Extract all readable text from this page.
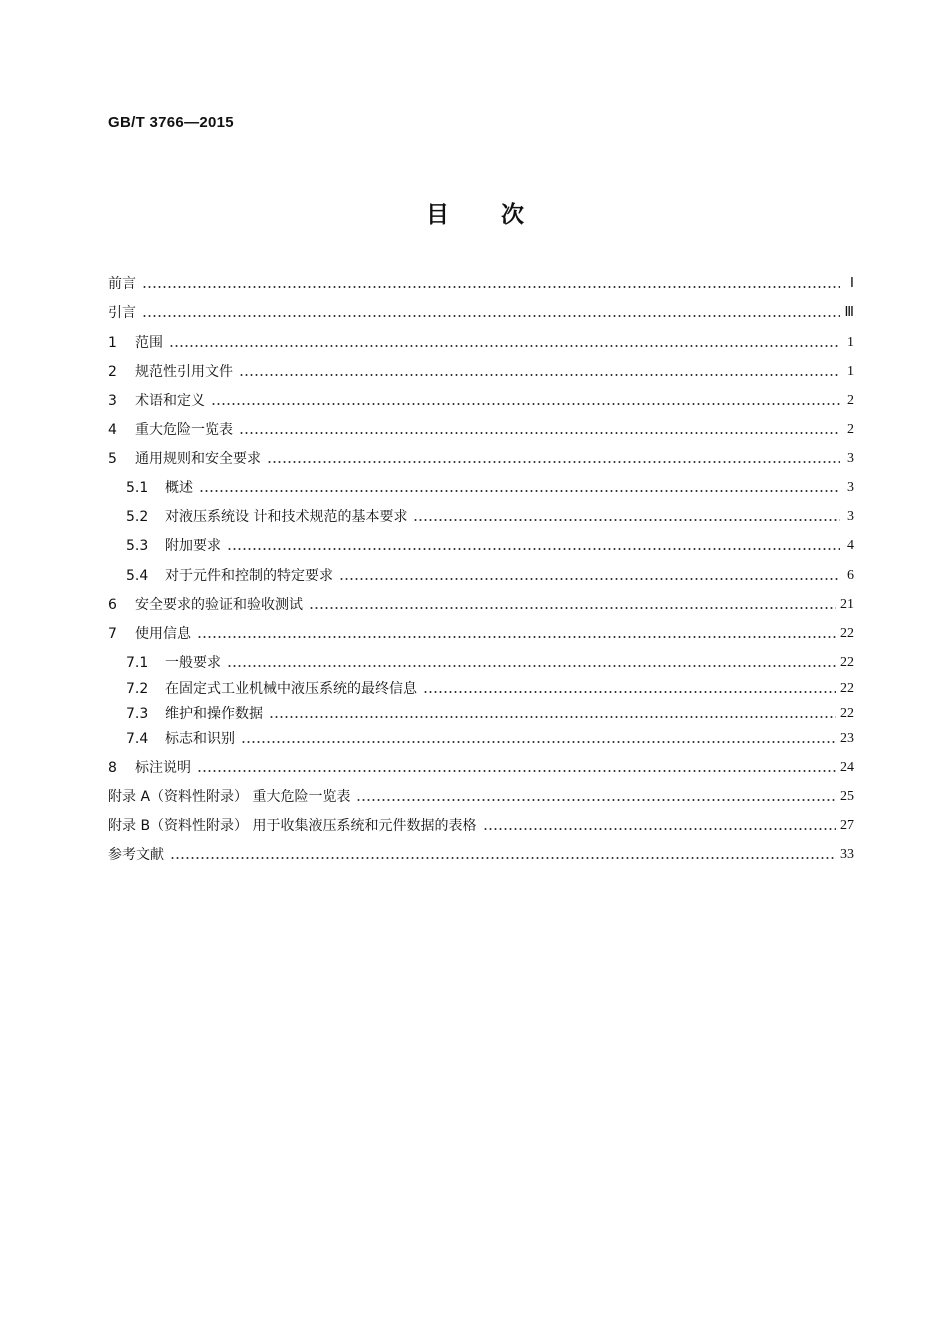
GB/T 3766—2015
目次
前言	Ⅰ
引言	Ⅲ
1	范围	1
2	规范性引用文件	1
3	术语和定义	2
4	重大危险一览表	2
5	通用规则和安全要求	3
5.1	概述	3
5.2	对液压系统设 计和技术规范的基本要求	3
5.3	附加要求	4
5.4	对于元件和控制的特定要求	6
6	安全要求的验证和验收测试	21
7	使用信息	22
7.1	一般要求	22
7.2	在固定式工业机械中液压系统的最终信息	22
7.3	维护和操作数据	22
7.4	标志和识别	23
8	标注说明	24
附录 A（资料性附录） 重大危险一览表	25
附录 B（资料性附录） 用于收集液压系统和元件数据的表格	27
参考文献	33
